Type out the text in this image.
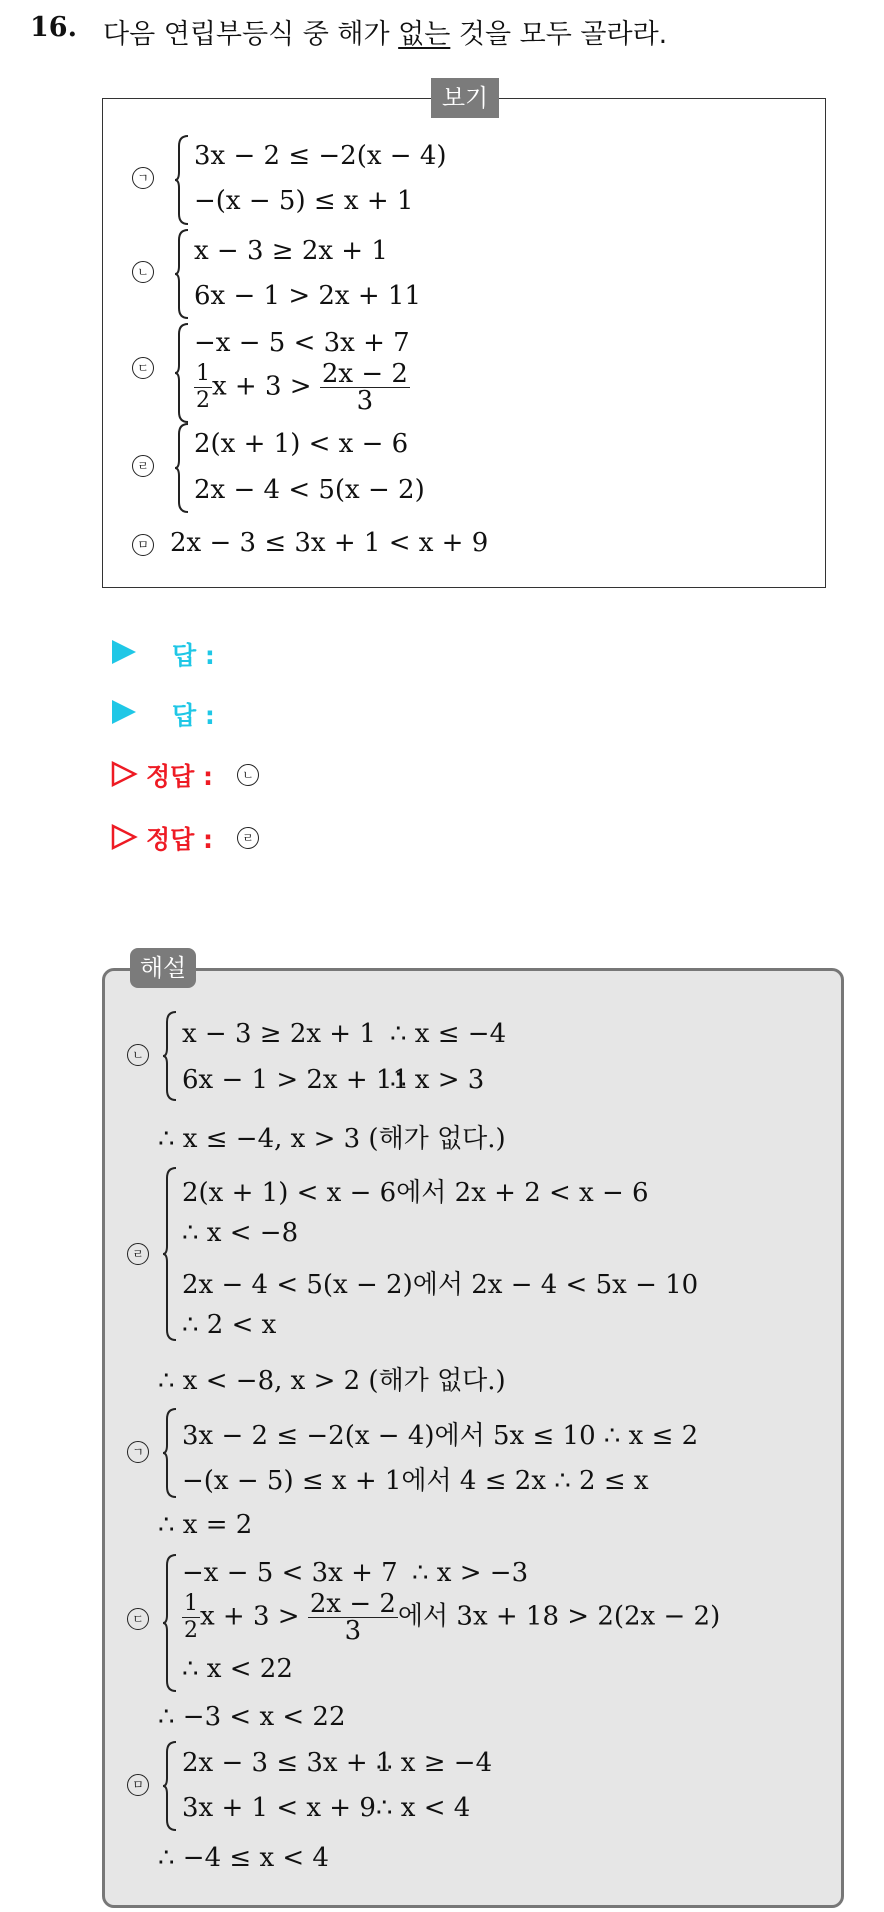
16. 다음 연립부등식 중 해가 없는 것을 모두 골라라.
보기
ㄱ
3x − 2 ≤ −2(x − 4)
−(x − 5) ≤ x + 1
ㄴ
x − 3 ≥ 2x + 1
6x − 1 > 2x + 11
ㄷ
−x − 5 < 3x + 7
$\frac{1}{2}$ $x + 3 > \frac{2x - 2}{3}$
ㄹ
2(x + 1) < x − 6
2x − 4 < 5(x − 2)
ㅁ 2x − 3 ≤ 3x + 1 < x + 9
답 :
답 :
정답 :	ㄴ
정답 :	ㄹ
해설
ㄴ
x − 3 ≥ 2x + 1 ∴ x ≤ −4
6x − 1 > 2x + 11
∴ x > 3
∴ x ≤ −4, x > 3 (해가 없다.)
ㄹ
2(x + 1) < x − 6에서 2x + 2 < x − 6
∴ x < −8
2x − 4 < 5(x − 2)에서 2x − 4 < 5x − 10
∴ 2 < x
∴ x < −8, x > 2 (해가 없다.)
ㄱ
3x − 2 ≤ −2(x − 4)에서 5x ≤ 10 ∴ x ≤ 2
−(x − 5) ≤ x + 1에서 4 ≤ 2x ∴ 2 ≤ x
∴ x = 2
ㄷ
−x − 5 < 3x + 7 ∴ x > −3
$\frac{1}{2}$ $x + 3 > \frac{2x - 2}{3}$ 에서 3x + 18 > 2(2x − 2)
∴ x < 22
∴ −3 < x < 22
ㅁ
2x − 3 ≤ 3x + 1
∴ x ≥ −4
3x + 1 < x + 9 ∴ x < 4
∴ −4 ≤ x < 4
